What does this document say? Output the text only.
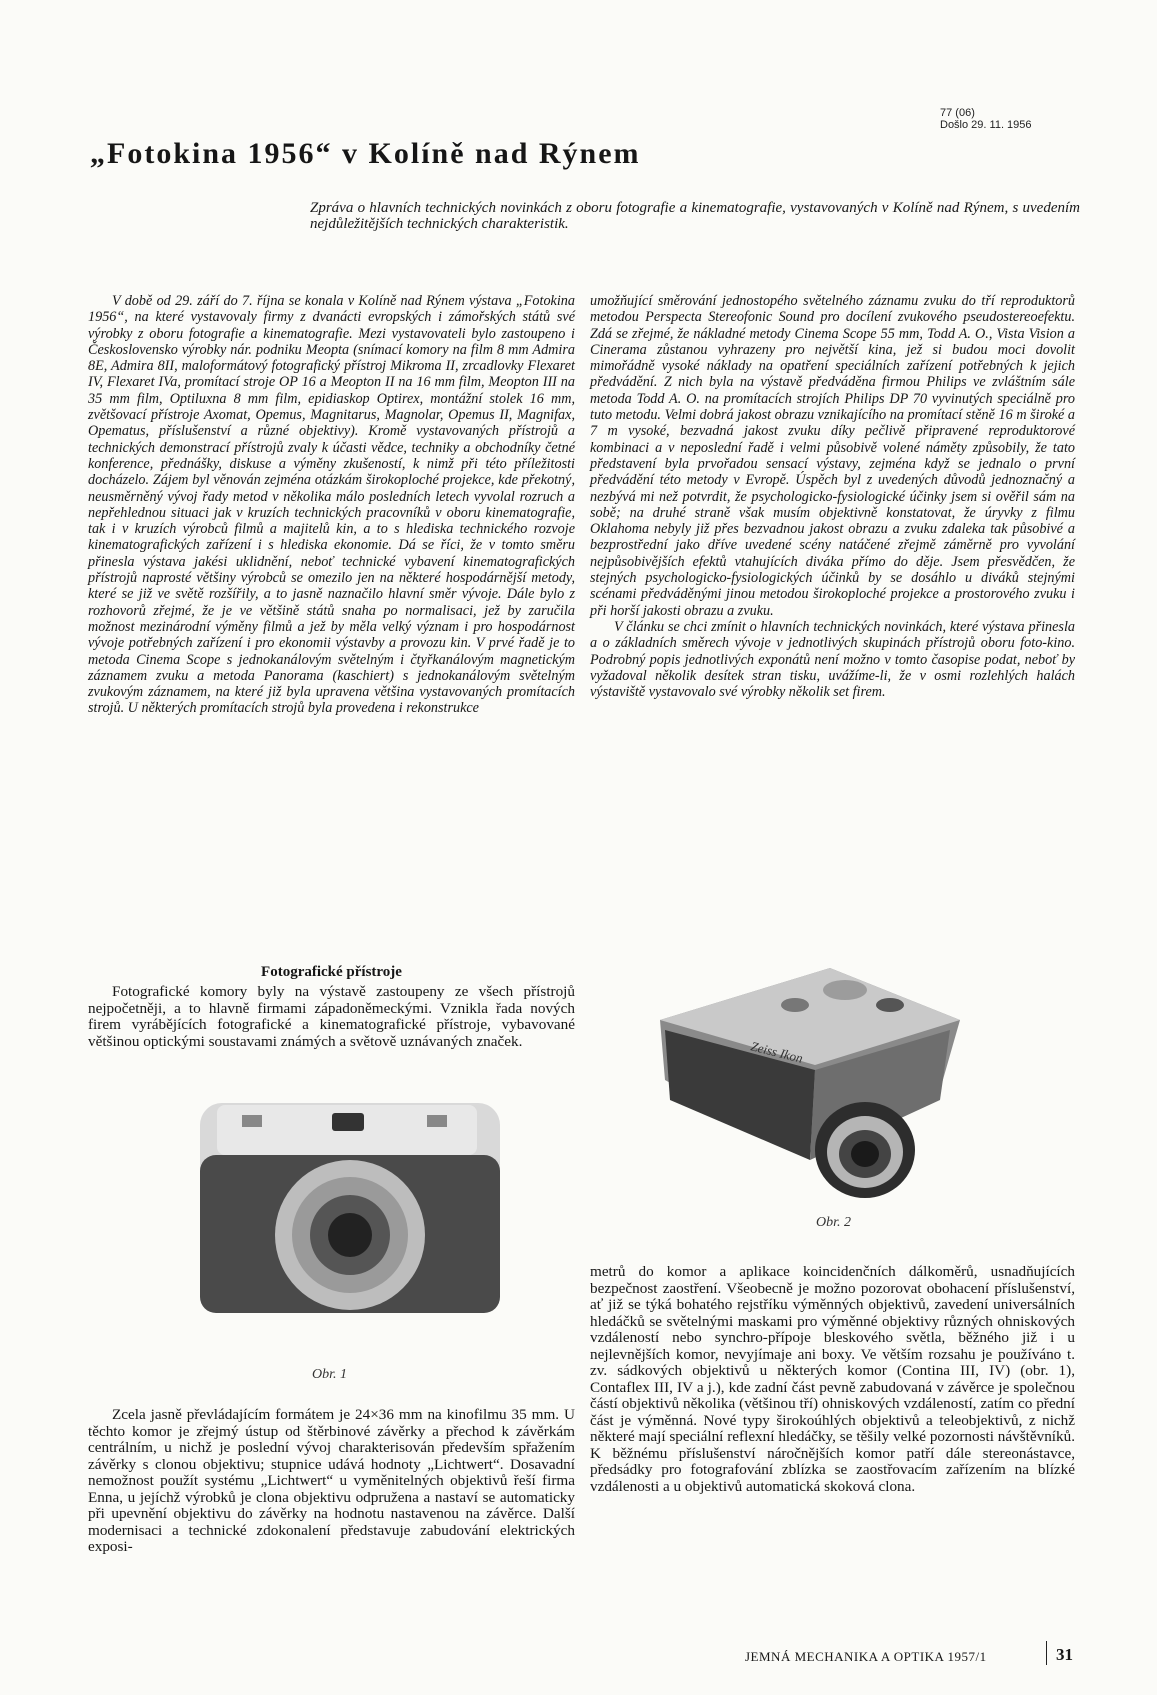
77 (06)
Došlo 29. 11. 1956
„Fotokina 1956“ v Kolíně nad Rýnem

Zpráva o hlavních technických novinkách z oboru fotografie a kinematografie, vystavovaných v Kolíně nad Rýnem, s uvedením nejdůležitějších technických charakteristik.

V době od 29. září do 7. října se konala v Kolíně nad Rýnem výstava „Fotokina 1956“, na které vystavovaly firmy z dvanácti evropských i zámořských států své výrobky z oboru fotografie a kinematografie. Mezi vystavovateli bylo zastoupeno i Československo výrobky nár. podniku Meopta (snímací komory na film 8 mm Admira 8E, Admira 8II, maloformátový fotografický přístroj Mikroma II, zrcadlovky Flexaret IV, Flexaret IVa, promítací stroje OP 16 a Meopton II na 16 mm film, Meopton III na 35 mm film, Optiluxna 8 mm film, epidiaskop Optirex, montážní stolek 16 mm, zvětšovací přístroje Axomat, Opemus, Magnitarus, Magnolar, Opemus II, Magnifax, Opematus, příslušenství a různé objektivy). Kromě vystavovaných přístrojů a technických demonstrací přístrojů zvaly k účasti vědce, techniky a obchodníky četné konference, přednášky, diskuse a výměny zkušeností, k nimž při této příležitosti docházelo. Zájem byl věnován zejména otázkám širokoploché projekce, kde překotný, neusměrněný vývoj řady metod v několika málo posledních letech vyvolal rozruch a nepřehlednou situaci jak v kruzích technických pracovníků v oboru kinematografie, tak i v kruzích výrobců filmů a majitelů kin, a to s hlediska technického rozvoje kinematografických zařízení i s hlediska ekonomie. Dá se říci, že v tomto směru přinesla výstava jakési uklidnění, neboť technické vybavení kinematografických přístrojů naprosté většiny výrobců se omezilo jen na některé hospodárnější metody, které se již ve světě rozšířily, a to jasně naznačilo hlavní směr vývoje. Dále bylo z rozhovorů zřejmé, že je ve většině států snaha po normalisaci, jež by zaručila možnost mezinárodní výměny filmů a jež by měla velký význam i pro hospodárnost vývoje potřebných zařízení i pro ekonomii výstavby a provozu kin. V prvé řadě je to metoda Cinema Scope s jednokanálovým světelným i čtyřkanálovým magnetickým záznamem zvuku a metoda Panorama (kaschiert) s jednokanálovým světelným zvukovým záznamem, na které již byla upravena většina vystavovaných promítacích strojů. U některých promítacích strojů byla provedena i rekonstrukce

umožňující směrování jednostopého světelného záznamu zvuku do tří reproduktorů metodou Perspecta Stereofonic Sound pro docílení zvukového pseudostereoefektu. Zdá se zřejmé, že nákladné metody Cinema Scope 55 mm, Todd A. O., Vista Vision a Cinerama zůstanou vyhrazeny pro největší kina, jež si budou moci dovolit mimořádně vysoké náklady na opatření speciálních zařízení potřebných k jejich předvádění. Z nich byla na výstavě předváděna firmou Philips ve zvláštním sále metoda Todd A. O. na promítacích strojích Philips DP 70 vyvinutých speciálně pro tuto metodu. Velmi dobrá jakost obrazu vznikajícího na promítací stěně 16 m široké a 7 m vysoké, bezvadná jakost zvuku díky pečlivě připravené reproduktorové kombinaci a v neposlední řadě i velmi působivě volené náměty způsobily, že tato představení byla prvořadou sensací výstavy, zejména když se jednalo o první předvádění této metody v Evropě. Úspěch byl z uvedených důvodů jednoznačný a nezbývá mi než potvrdit, že psychologicko-fysiologické účinky jsem si ověřil sám na sobě; na druhé straně však musím objektivně konstatovat, že úryvky z filmu Oklahoma nebyly již přes bezvadnou jakost obrazu a zvuku zdaleka tak působivé a bezprostřední jako dříve uvedené scény natáčené zřejmě záměrně pro vyvolání nejpůsobivějších efektů vtahujících diváka přímo do děje. Jsem přesvědčen, že stejných psychologicko-fysiologických účinků by se dosáhlo u diváků stejnými scénami předváděnými jinou metodou širokoploché projekce a prostorového zvuku i při horší jakosti obrazu a zvuku.

V článku se chci zmínit o hlavních technických novinkách, které výstava přinesla a o základních směrech vývoje v jednotlivých skupinách přístrojů oboru foto-kino. Podrobný popis jednotlivých exponátů není možno v tomto časopise podat, neboť by vyžadoval několik desítek stran tisku, uvážíme-li, že v osmi rozlehlých halách výstaviště vystavovalo své výrobky několik set firem.

Fotografické přístroje

Fotografické komory byly na výstavě zastoupeny ze všech přístrojů nejpočetněji, a to hlavně firmami západoněmeckými. Vznikla řada nových firem vyrábějících fotografické a kinematografické přístroje, vybavované většinou optickými soustavami známých a světově uznávaných značek.	Zeiss Ikon
Obr. 2
Obr. 1

Zcela jasně převládajícím formátem je 24×36 mm na kinofilmu 35 mm. U těchto komor je zřejmý ústup od štěrbinové závěrky a přechod k závěrkám centrálním, u nichž je poslední vývoj charakterisován především spřažením závěrky s clonou objektivu; stupnice udává hodnoty „Lichtwert“. Dosavadní nemožnost použít systému „Lichtwert“ u vyměnitelných objektivů řeší firma Enna, u jejíchž výrobků je clona objektivu odpružena a nastaví se automaticky při upevnění objektivu do závěrky na hodnotu nastavenou na závěrce. Další modernisaci a technické zdokonalení představuje zabudování elektrických exposi-

metrů do komor a aplikace koincidenčních dálkoměrů, usnadňujících bezpečnost zaostření. Všeobecně je možno pozorovat obohacení příslušenství, ať již se týká bohatého rejstříku výměnných objektivů, zavedení universálních hledáčků se světelnými maskami pro výměnné objektivy různých ohniskových vzdáleností nebo synchro-přípoje bleskového světla, běžného již i u nejlevnějších komor, nevyjímaje ani boxy. Ve větším rozsahu je používáno t. zv. sádkových objektivů u některých komor (Contina III, IV) (obr. 1), Contaflex III, IV a j.), kde zadní část pevně zabudovaná v závěrce je společnou částí objektivů několika (většinou tří) ohniskových vzdáleností, zatím co přední část je výměnná. Nové typy širokoúhlých objektivů a teleobjektivů, z nichž některé mají speciální reflexní hledáčky, se těšily velké pozornosti návštěvníků. K běžnému příslušenství náročnějších komor patří dále stereonástavce, předsádky pro fotografování zblízka se zaostřovacím zařízením na blízké vzdálenosti a u objektivů automatická skoková clona.

JEMNÁ MECHANIKA A OPTIKA 1957/1	31
